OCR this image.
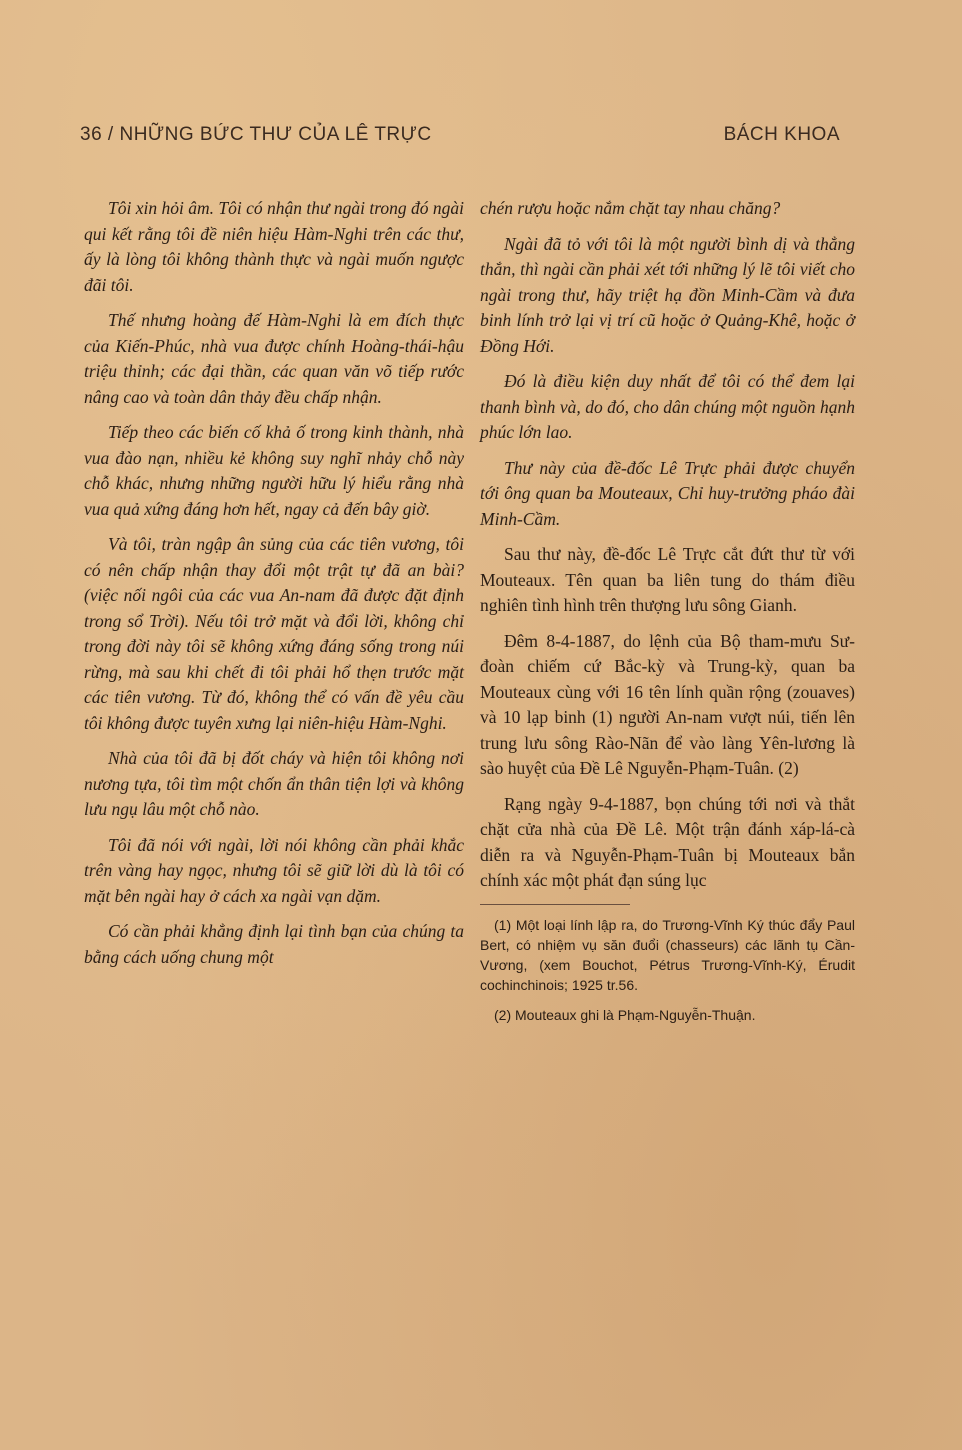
36 / NHỮNG BỨC THƯ CỦA LÊ TRỰC	BÁCH KHOA

Tôi xin hỏi âm. Tôi có nhận thư ngài trong đó ngài qui kết rằng tôi đề niên hiệu Hàm-Nghi trên các thư, ấy là lòng tôi không thành thực và ngài muốn ngược đãi tôi.

Thế nhưng hoàng đế Hàm-Nghi là em đích thực của Kiến-Phúc, nhà vua được chính Hoàng-thái-hậu triệu thỉnh; các đại thần, các quan văn võ tiếp rước nâng cao và toàn dân thảy đều chấp nhận.

Tiếp theo các biến cố khả ố trong kinh thành, nhà vua đào nạn, nhiều kẻ không suy nghĩ nhảy chỗ này chỗ khác, nhưng những người hữu lý hiểu rằng nhà vua quả xứng đáng hơn hết, ngay cả đến bây giờ.

Và tôi, tràn ngập ân sủng của các tiên vương, tôi có nên chấp nhận thay đổi một trật tự đã an bài? (việc nối ngôi của các vua An-nam đã được đặt định trong sổ Trời). Nếu tôi trở mặt và đổi lời, không chỉ trong đời này tôi sẽ không xứng đáng sống trong núi rừng, mà sau khi chết đi tôi phải hổ thẹn trước mặt các tiên vương. Từ đó, không thể có vấn đề yêu cầu tôi không được tuyên xưng lại niên-hiệu Hàm-Nghi.

Nhà của tôi đã bị đốt cháy và hiện tôi không nơi nương tựa, tôi tìm một chốn ẩn thân tiện lợi và không lưu ngụ lâu một chỗ nào.

Tôi đã nói với ngài, lời nói không cần phải khắc trên vàng hay ngọc, nhưng tôi sẽ giữ lời dù là tôi có mặt bên ngài hay ở cách xa ngài vạn dặm.

Có cần phải khẳng định lại tình bạn của chúng ta bằng cách uống chung một

chén rượu hoặc nắm chặt tay nhau chăng?

Ngài đã tỏ với tôi là một người bình dị và thẳng thắn, thì ngài cần phải xét tới những lý lẽ tôi viết cho ngài trong thư, hãy triệt hạ đồn Minh-Cầm và đưa binh lính trở lại vị trí cũ hoặc ở Quảng-Khê, hoặc ở Đồng Hới.

Đó là điều kiện duy nhất để tôi có thể đem lại thanh bình và, do đó, cho dân chúng một nguồn hạnh phúc lớn lao.

Thư này của đề-đốc Lê Trực phải được chuyển tới ông quan ba Mouteaux, Chỉ huy-trưởng pháo đài Minh-Cầm.

Sau thư này, đề-đốc Lê Trực cắt đứt thư từ với Mouteaux. Tên quan ba liên tung do thám điều nghiên tình hình trên thượng lưu sông Gianh.

Đêm 8-4-1887, do lệnh của Bộ tham-mưu Sư-đoàn chiếm cứ Bắc-kỳ và Trung-kỳ, quan ba Mouteaux cùng với 16 tên lính quần rộng (zouaves) và 10 lạp binh (1) người An-nam vượt núi, tiến lên trung lưu sông Rào-Nãn để vào làng Yên-lương là sào huyệt của Đề Lê Nguyễn-Phạm-Tuân. (2)

Rạng ngày 9-4-1887, bọn chúng tới nơi và thắt chặt cửa nhà của Đề Lê. Một trận đánh xáp-lá-cà diễn ra và Nguyễn-Phạm-Tuân bị Mouteaux bắn chính xác một phát đạn súng lục

(1) Một loại lính lập ra, do Trương-Vĩnh Ký thúc đẩy Paul Bert, có nhiệm vụ săn đuổi (chasseurs) các lãnh tụ Cần-Vương, (xem Bouchot, Pétrus Trương-Vĩnh-Ký, Érudit cochinchinois; 1925 tr.56.

(2) Mouteaux ghi là Phạm-Nguyễn-Thuận.
